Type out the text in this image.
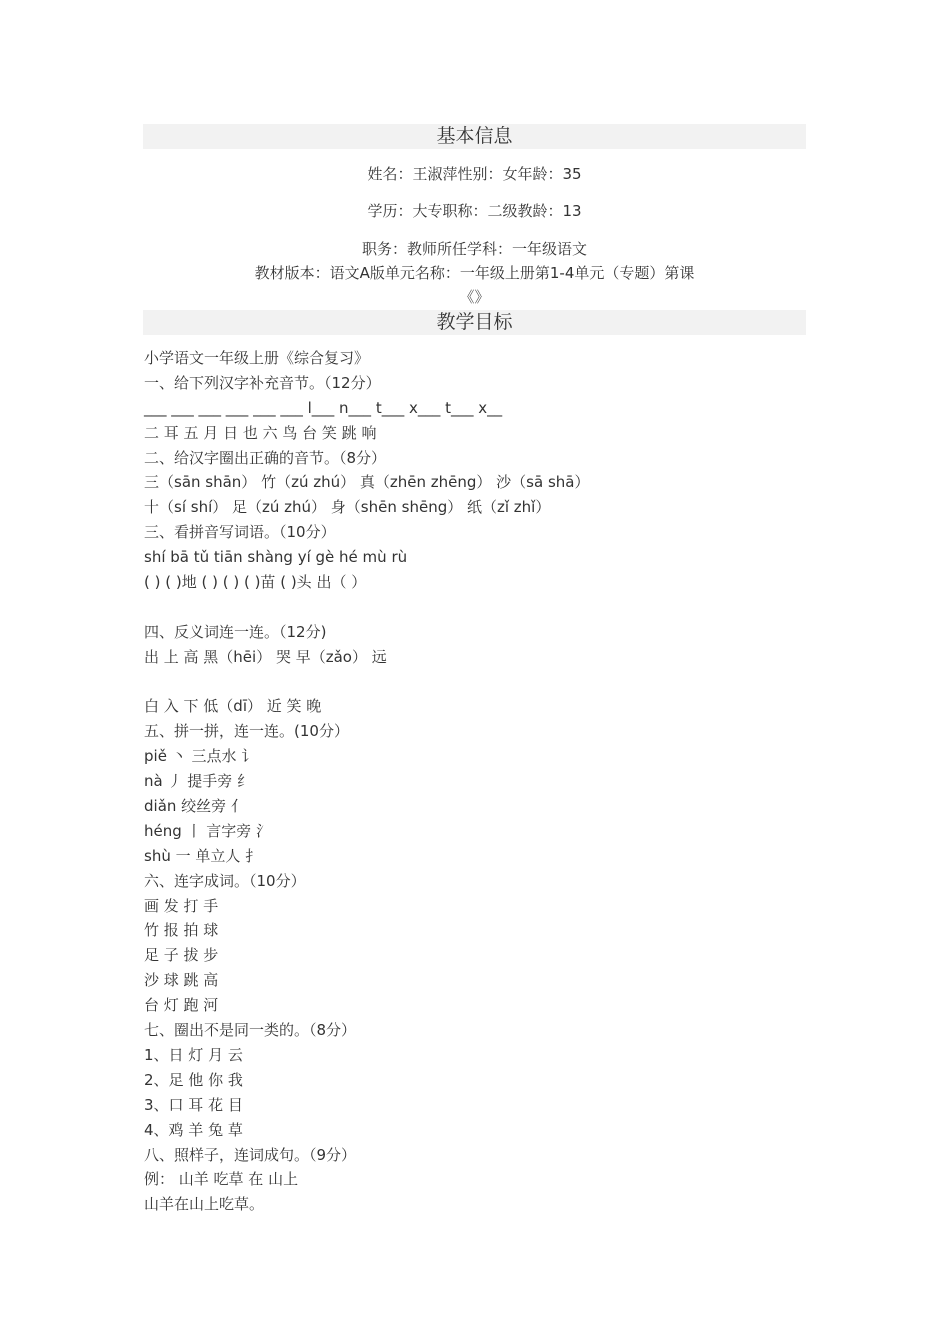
基本信息
姓名：王淑萍性别：女年龄：35
学历：大专职称：二级教龄：13
职务：教师所任学科：一年级语文
教材版本：语文A版单元名称：一年级上册第1-4单元（专题）第课
《》
教学目标
小学语文一年级上册《综合复习》
一、给下列汉字补充音节。（12分）
___ ___ ___ ___ ___ ___ l___ n___ t___ x___ t___ x__
二 耳 五 月 日 也 六 鸟 台 笑 跳 响
二、给汉字圈出正确的音节。（8分）
三（sān shān） 竹（zú zhú） 真（zhēn zhēng） 沙（sā shā）
十（sí shí） 足（zú zhú） 身（shēn shēng） 纸（zǐ zhǐ）
三、看拼音写词语。（10分）
shí bā tǔ tiān shàng yí gè hé mù rù
( ) ( )地 ( ) ( ) ( )苗 ( )头 出（ ）
四、反义词连一连。（12分)
出 上 高 黑（hēi） 哭 早（zǎo） 远
白 入 下 低（dī） 近 笑 晚
五、拼一拼，连一连。(10分）
piě 丶 三点水 讠
nà 丿 提手旁 纟
diǎn 绞丝旁 亻
héng 丨 言字旁 氵
shù 一 单立人 扌
六、连字成词。（10分）
画 发 打 手
竹 报 拍 球
足 子 拔 步
沙 球 跳 高
台 灯 跑 河
七、圈出不是同一类的。（8分）
1、日 灯 月 云
2、足 他 你 我
3、口 耳 花 目
4、鸡 羊 兔 草
八、照样子，连词成句。（9分）
例： 山羊 吃草 在 山上
山羊在山上吃草。
